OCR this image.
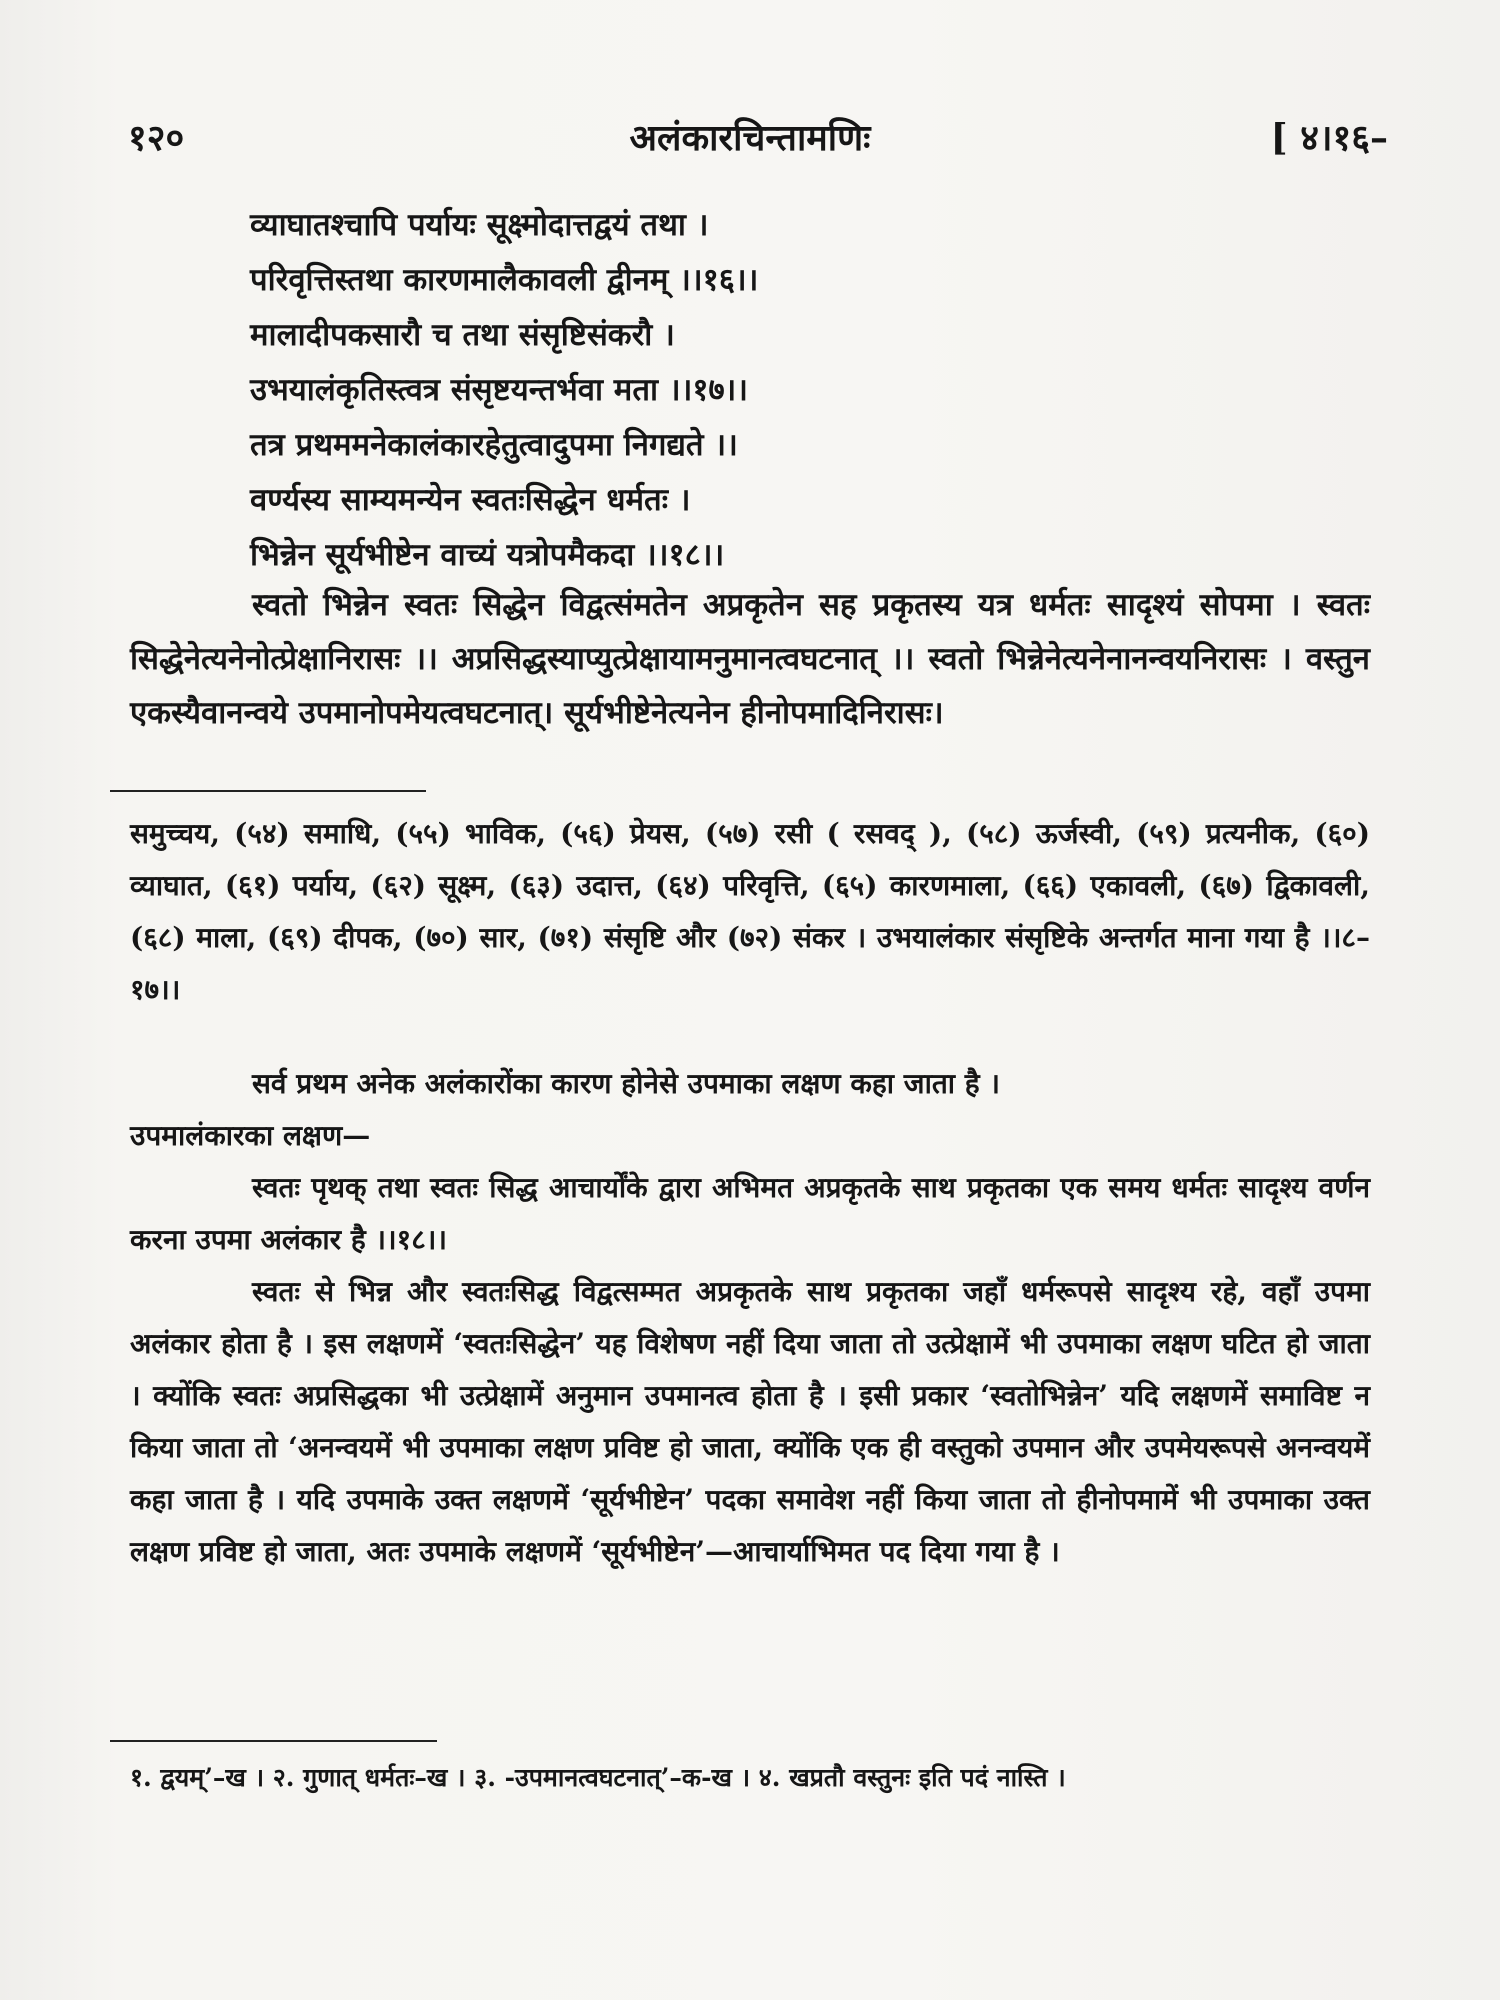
१२०	अलंकारचिन्तामणिः	[ ४।१६–
व्याघातश्चापि पर्यायः सूक्ष्मोदात्तद्वयं तथा ।
परिवृत्तिस्तथा कारणमालैकावली द्वीनम् ।।१६।।
मालादीपकसारौ च तथा संसृष्टिसंकरौ ।
उभयालंकृतिस्त्वत्र संसृष्टयन्तर्भवा मता ।।१७।।
तत्र प्रथममनेकालंकारहेतुत्वादुपमा निगद्यते ।।
वर्ण्यस्य साम्यमन्येन स्वतःसिद्धेन धर्मतः ।
भिन्नेन सूर्यभीष्टेन वाच्यं यत्रोपमैकदा ।।१८।।

स्वतो भिन्नेन स्वतः सिद्धेन विद्वत्संमतेन अप्रकृतेन सह प्रकृतस्य यत्र धर्मतः सादृश्यं सोपमा । स्वतः सिद्धेनेत्यनेनोत्प्रेक्षानिरासः ।। अप्रसिद्धस्याप्युत्प्रेक्षायामनुमानत्वघटनात् ।। स्वतो भिन्नेनेत्यनेनानन्वयनिरासः । वस्तुन एकस्यैवानन्वये उपमानोपमेयत्वघटनात्। सूर्यभीष्टेनेत्यनेन हीनोपमादिनिरासः।

समुच्चय, (५४) समाधि, (५५) भाविक, (५६) प्रेयस, (५७) रसी ( रसवद् ), (५८) ऊर्जस्वी, (५९) प्रत्यनीक, (६०) व्याघात, (६१) पर्याय, (६२) सूक्ष्म, (६३) उदात्त, (६४) परिवृत्ति, (६५) कारणमाला, (६६) एकावली, (६७) द्विकावली, (६८) माला, (६९) दीपक, (७०) सार, (७१) संसृष्टि और (७२) संकर । उभयालंकार संसृष्टिके अन्तर्गत माना गया है ।।८–१७।।

सर्व प्रथम अनेक अलंकारोंका कारण होनेसे उपमाका लक्षण कहा जाता है ।

उपमालंकारका लक्षण—

स्वतः पृथक् तथा स्वतः सिद्ध आचार्योंके द्वारा अभिमत अप्रकृतके साथ प्रकृतका एक समय धर्मतः सादृश्य वर्णन करना उपमा अलंकार है ।।१८।।

स्वतः से भिन्न और स्वतःसिद्ध विद्वत्सम्मत अप्रकृतके साथ प्रकृतका जहाँ धर्मरूपसे सादृश्य रहे, वहाँ उपमा अलंकार होता है । इस लक्षणमें ‘स्वतःसिद्धेन’ यह विशेषण नहीं दिया जाता तो उत्प्रेक्षामें भी उपमाका लक्षण घटित हो जाता । क्योंकि स्वतः अप्रसिद्धका भी उत्प्रेक्षामें अनुमान उपमानत्व होता है । इसी प्रकार ‘स्वतोभिन्नेन’ यदि लक्षणमें समाविष्ट न किया जाता तो ‘अनन्वयमें भी उपमाका लक्षण प्रविष्ट हो जाता, क्योंकि एक ही वस्तुको उपमान और उपमेयरूपसे अनन्वयमें कहा जाता है । यदि उपमाके उक्त लक्षणमें ‘सूर्यभीष्टेन’ पदका समावेश नहीं किया जाता तो हीनोपमामें भी उपमाका उक्त लक्षण प्रविष्ट हो जाता, अतः उपमाके लक्षणमें ‘सूर्यभीष्टेन’—आचार्याभिमत पद दिया गया है ।

१. द्वयम्’–ख । २. गुणात् धर्मतः–ख । ३. -उपमानत्वघटनात्’–क-ख । ४. खप्रतौ वस्तुनः इति पदं नास्ति ।
